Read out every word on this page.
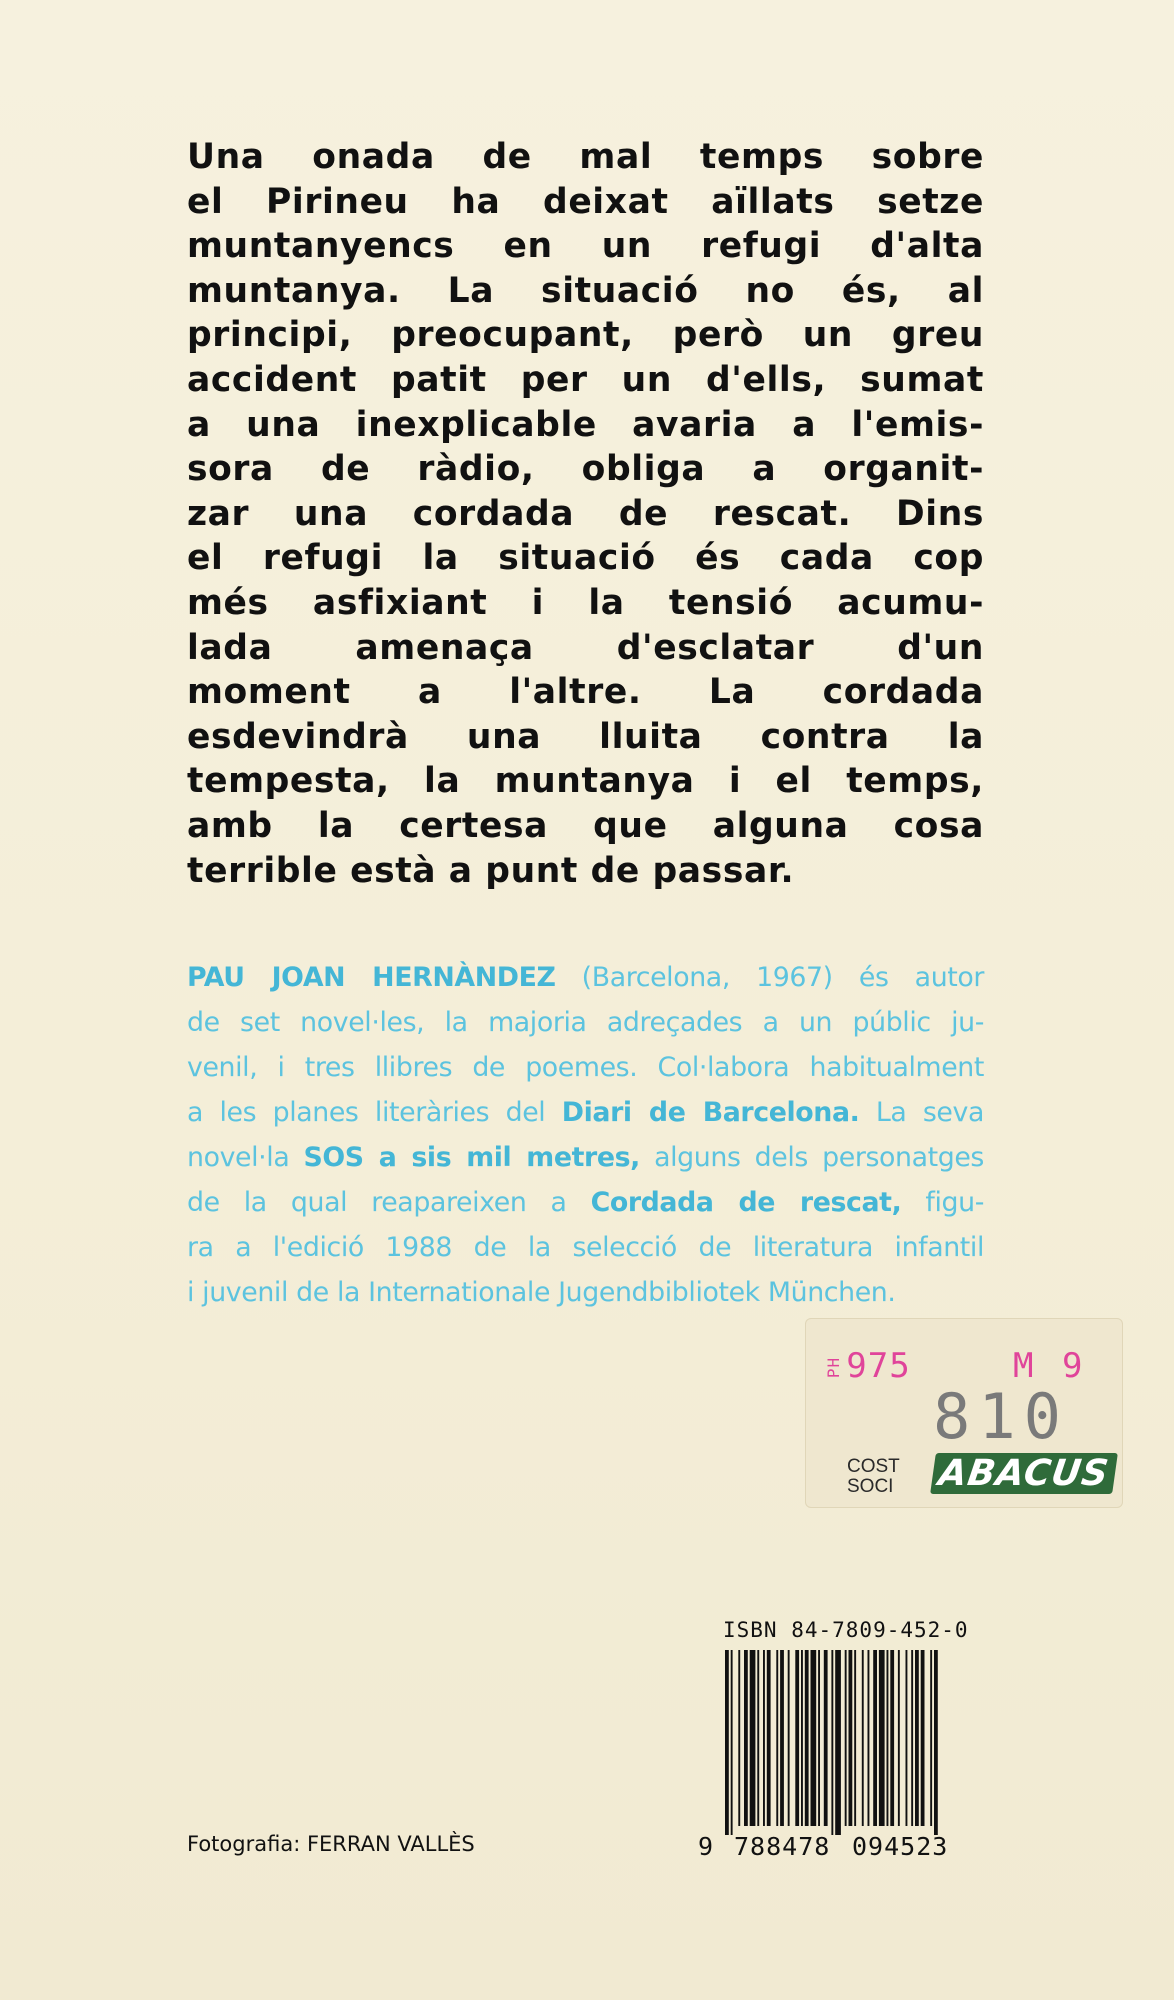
Una onada de mal temps sobre
el Pirineu ha deixat aïllats setze
muntanyencs en un refugi d'alta
muntanya. La situació no és, al
principi, preocupant, però un greu
accident patit per un d'ells, sumat
a una inexplicable avaria a l'emis-
sora de ràdio, obliga a organit-
zar una cordada de rescat. Dins
el refugi la situació és cada cop
més asfixiant i la tensió acumu-
lada amenaça d'esclatar d'un
moment a l'altre. La cordada
esdevindrà una lluita contra la
tempesta, la muntanya i el temps,
amb la certesa que alguna cosa
terrible està a punt de passar.
PAU JOAN HERNÀNDEZ (Barcelona, 1967) és autor
de set novel·les, la majoria adreçades a un públic ju-
venil, i tres llibres de poemes. Col·labora habitualment
a les planes literàries del Diari de Barcelona. La seva
novel·la SOS a sis mil metres, alguns dels personatges
de la qual reapareixen a Cordada de rescat, figu-
ra a l'edició 1988 de la selecció de literatura infantil
i juvenil de la Internationale Jugendbibliotek München.
PH975	M 9
810
COST
SOCI ABACUS
ISBN 84-7809-452-0
9 788478 094523
Fotografia: FERRAN VALLÈS
